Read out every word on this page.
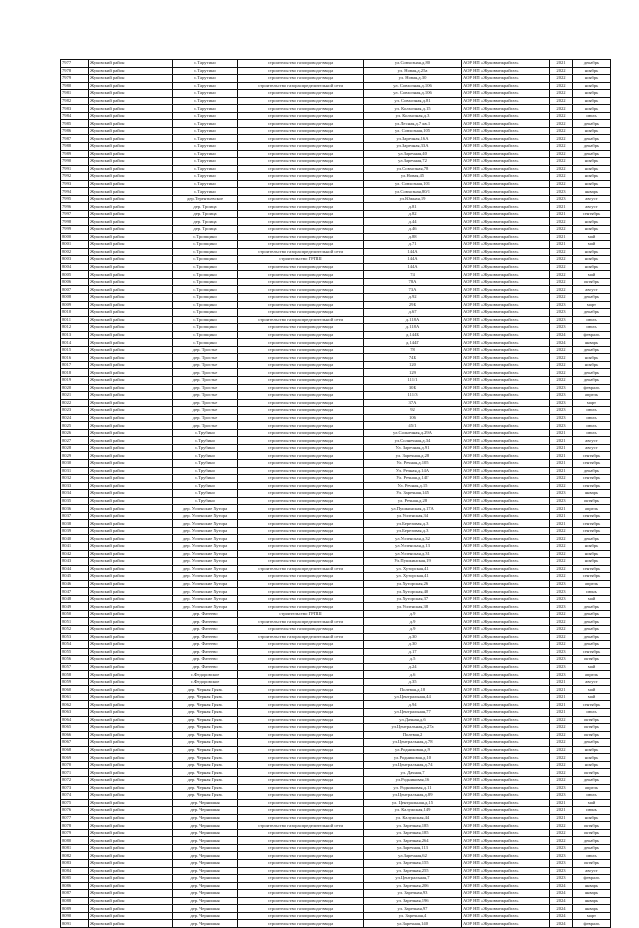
7977	Жуковский район	с.Тарутино	строительство газопровода-ввода	ул.Совхозная,д.80	АОР НП «Жуковмежрайгаз»	2021	декабрь
7978	Жуковский район	с.Тарутино	строительство газопровода-ввода	ул. Новая,д.25а	АОР НП «Жуковмежрайгаз»	2022	ноябрь
7979	Жуковский район	с.Тарутино	строительство газопровода-ввода	ул. Новая,д.30	АОР НП «Жуковмежрайгаз»	2022	ноябрь
7980	Жуковский район	с.Тарутино	строительство газораспределительной сети	ул. Совхозная,д.106	АОР НП «Жуковмежрайгаз»	2022	ноябрь
7981	Жуковский район	с.Тарутино	строительство газопровода-ввода	ул. Совхозная,д.106	АОР НП «Жуковмежрайгаз»	2022	ноябрь
7982	Жуковский район	с.Тарутино	строительство газопровода-ввода	ул. Совхозная,д.81	АОР НП «Жуковмежрайгаз»	2022	ноябрь
7983	Жуковский район	с.Тарутино	строительство газопровода-ввода	ул. Колхозная,д.15	АОР НП «Жуковмежрайгаз»	2022	ноябрь
7984	Жуковский район	с.Тарутино	строительство газопровода-ввода	ул. Колхозная,д.3	АОР НП «Жуковмежрайгаз»	2022	июль
7985	Жуковский район	с.Тарутино	строительство газопровода-ввода	ул.Лесная,д.7 кв.1	АОР НП «Жуковмежрайгаз»	2022	декабрь
7986	Жуковский район	с.Тарутино	строительство газопровода-ввода	ул. Совхозная,105	АОР НП «Жуковмежрайгаз»	2022	ноябрь
7987	Жуковский район	с.Тарутино	строительство газопровода-ввода	ул.Заречная,16А	АОР НП «Жуковмежрайгаз»	2022	декабрь
7988	Жуковский район	с.Тарутино	строительство газопровода-ввода	ул.Заречная,33А	АОР НП «Жуковмежрайгаз»	2022	декабрь
7989	Жуковский район	с.Тарутино	строительство газопровода-ввода	ул.Заречная,40	АОР НП «Жуковмежрайгаз»	2022	декабрь
7990	Жуковский район	с.Тарутино	строительство газопровода-ввода	ул.Заречная,72	АОР НП «Жуковмежрайгаз»	2022	ноябрь
7991	Жуковский район	с.Тарутино	строительство газопровода-ввода	ул.Совхозная,78	АОР НП «Жуковмежрайгаз»	2022	ноябрь
7992	Жуковский район	с.Тарутино	строительство газопровода-ввода	ул.Новая,45	АОР НП «Жуковмежрайгаз»	2022	ноябрь
7993	Жуковский район	с.Тарутино	строительство газопровода-ввода	ул. Совхозная,101	АОР НП «Жуковмежрайгаз»	2022	ноябрь
7994	Жуковский район	с.Тарутино	строительство газопровода-ввода	ул.Совхозная,80/1	АОР НП «Жуковмежрайгаз»	2023	январь
7995	Жуковский район	дер.Терентьевское	строительство газопровода-ввода	ул.Южная,19	АОР НП «Жуковмежрайгаз»	2023	август
7996	Жуковский район	дер. Троица	строительство газопровода-ввода	д.81	АОР НП «Жуковмежрайгаз»	2021	август
7997	Жуковский район	дер. Троица	строительство газопровода-ввода	д.82	АОР НП «Жуковмежрайгаз»	2021	сентябрь
7998	Жуковский район	дер. Троица	строительство газопровода-ввода	д.44	АОР НП «Жуковмежрайгаз»	2022	ноябрь
7999	Жуковский район	дер. Троица	строительство газопровода-ввода	д.46	АОР НП «Жуковмежрайгаз»	2022	ноябрь
8000	Жуковский район	с.Тропщино	строительство газопровода-ввода	д.88	АОР НП «Жуковмежрайгаз»	2021	май
8001	Жуковский район	с.Тропщино	строительство газопровода-ввода	д.71	АОР НП «Жуковмежрайгаз»	2021	май
8002	Жуковский район	с.Тропщино	строительство газораспределительной сети	144А	АОР НП «Жуковмежрайгаз»	2022	ноябрь
8003	Жуковский район	с.Тропщино	строительство ГРПШ	144А	АОР НП «Жуковмежрайгаз»	2022	ноябрь
8004	Жуковский район	с.Тропщино	строительство газопровода-ввода	144А	АОР НП «Жуковмежрайгаз»	2022	ноябрь
8005	Жуковский район	с.Тропщино	строительство газопровода-ввода	74	АОР НП «Жуковмежрайгаз»	2022	май
8006	Жуковский район	с.Тропщино	строительство газопровода-ввода	78А	АОР НП «Жуковмежрайгаз»	2022	октябрь
8007	Жуковский район	с.Тропщино	строительство газопровода-ввода	73А	АОР НП «Жуковмежрайгаз»	2022	август
8008	Жуковский район	с.Тропщино	строительство газопровода-ввода	д.92	АОР НП «Жуковмежрайгаз»	2022	декабрь
8009	Жуковский район	с.Тропщино	строительство газопровода-ввода	29Б	АОР НП «Жуковмежрайгаз»	2023	март
8010	Жуковский район	с.Тропщино	строительство газопровода-ввода	д.67	АОР НП «Жуковмежрайгаз»	2023	декабрь
8011	Жуковский район	с.Тропщино	строительство газораспределительной сети	д.118А	АОР НП «Жуковмежрайгаз»	2023	июль
8012	Жуковский район	с.Тропщино	строительство газопровода-ввода	д.118А	АОР НП «Жуковмежрайгаз»	2023	июль
8013	Жуковский район	с.Тропщино	строительство газопровода-ввода	д.144Б	АОР НП «Жуковмежрайгаз»	2024	февраль
8014	Жуковский район	с.Тропщино	строительство газопровода-ввода	д.144Г	АОР НП «Жуковмежрайгаз»	2024	январь
8015	Жуковский район	дер. Тростье	строительство газопровода-ввода	78	АОР НП «Жуковмежрайгаз»	2022	декабрь
8016	Жуковский район	дер. Тростье	строительство газопровода-ввода	74Б	АОР НП «Жуковмежрайгаз»	2022	ноябрь
8017	Жуковский район	дер. Тростье	строительство газопровода-ввода	120	АОР НП «Жуковмежрайгаз»	2022	ноябрь
8018	Жуковский район	дер. Тростье	строительство газопровода-ввода	129	АОР НП «Жуковмежрайгаз»	2022	декабрь
8019	Жуковский район	дер. Тростье	строительство газопровода-ввода	111/1	АОР НП «Жуковмежрайгаз»	2022	декабрь
8020	Жуковский район	дер. Тростье	строительство газопровода-ввода	30Б	АОР НП «Жуковмежрайгаз»	2023	февраль
8021	Жуковский район	дер. Тростье	строительство газопровода-ввода	111/3	АОР НП «Жуковмежрайгаз»	2023	апрель
8022	Жуковский район	дер. Тростье	строительство газопровода-ввода	37А	АОР НП «Жуковмежрайгаз»	2023	март
8023	Жуковский район	дер. Тростье	строительство газопровода-ввода	92	АОР НП «Жуковмежрайгаз»	2023	июль
8024	Жуковский район	дер. Тростье	строительство газопровода-ввода	106	АОР НП «Жуковмежрайгаз»	2023	июль
8025	Жуковский район	дер. Тростье	строительство газопровода-ввода	45/1	АОР НП «Жуковмежрайгаз»	2023	июль
8026	Жуковский район	с.Трубино	строительство газопровода-ввода	ул.Солнечная,д.29А	АОР НП «Жуковмежрайгаз»	2021	июль
8027	Жуковский район	с.Трубино	строительство газопровода-ввода	ул.Солнечная,д.34	АОР НП «Жуковмежрайгаз»	2021	август
8028	Жуковский район	с.Трубино	строительство газопровода-ввода	Ул. Заречная,д.91	АОР НП «Жуковмежрайгаз»	2021	август
8029	Жуковский район	с.Трубино	строительство газопровода-ввода	ул. Заречная,д.28	АОР НП «Жуковмежрайгаз»	2021	сентябрь
8030	Жуковский район	с.Трубино	строительство газопровода-ввода	Ул. Речная,д.105	АОР НП «Жуковмежрайгаз»	2021	сентябрь
8031	Жуковский район	с.Трубино	строительство газопровода-ввода	Ул. Речная,д.14А	АОР НП «Жуковмежрайгаз»	2021	декабрь
8032	Жуковский район	с.Трубино	строительство газопровода-ввода	Ул. Речная,д.14Г	АОР НП «Жуковмежрайгаз»	2022	сентябрь
8033	Жуковский район	с.Трубино	строительство газопровода-ввода	Ул. Речная,д.15	АОР НП «Жуковмежрайгаз»	2022	сентябрь
8034	Жуковский район	с.Трубино	строительство газопровода-ввода	Ул. Заречная,145	АОР НП «Жуковмежрайгаз»	2023	январь
8035	Жуковский район	с.Трубино	строительство газопровода-ввода	ул. Речная,д.28	АОР НП «Жуковмежрайгаз»	2023	октябрь
8036	Жуковский район	дер. Успенские Хутора	строительство газопровода-ввода	ул.Пушкинская,д.17А	АОР НП «Жуковмежрайгаз»	2021	апрель
8037	Жуковский район	дер. Успенские Хутора	строительство газопровода-ввода	ул.Успенская,34	АОР НП «Жуковмежрайгаз»	2021	сентябрь
8038	Жуковский район	дер. Успенские Хутора	строительство газопровода-ввода	ул.Березовая,д.3	АОР НП «Жуковмежрайгаз»	2021	сентябрь
8039	Жуковский район	дер. Успенские Хутора	строительство газопровода-ввода	ул.Березовая,д.3	АОР НП «Жуковмежрайгаз»	2022	сентябрь
8040	Жуковский район	дер. Успенские Хутора	строительство газопровода-ввода	ул.Успенская,д.32	АОР НП «Жуковмежрайгаз»	2022	декабрь
8041	Жуковский район	дер. Успенские Хутора	строительство газопровода-ввода	ул.Успенская,д.13	АОР НП «Жуковмежрайгаз»	2022	ноябрь
8042	Жуковский район	дер. Успенские Хутора	строительство газопровода-ввода	ул.Успенская,д.31	АОР НП «Жуковмежрайгаз»	2022	ноябрь
8043	Жуковский район	дер. Успенские Хутора	строительство газопровода-ввода	Ул.Пушкинская,19	АОР НП «Жуковмежрайгаз»	2022	ноябрь
8044	Жуковский район	дер. Успенские Хутора	строительство газораспределительной сети	ул. Хуторская,41	АОР НП «Жуковмежрайгаз»	2022	сентябрь
8045	Жуковский район	дер. Успенские Хутора	строительство газопровода-ввода	ул. Хуторская,41	АОР НП «Жуковмежрайгаз»	2022	сентябрь
8046	Жуковский район	дер. Успенские Хутора	строительство газопровода-ввода	ул.Хуторская,26	АОР НП «Жуковмежрайгаз»	2023	апрель
8047	Жуковский район	дер. Успенские Хутора	строительство газопровода-ввода	ул.Хуторская,40	АОР НП «Жуковмежрайгаз»	2023	июнь
8048	Жуковский район	дер. Успенские Хутора	строительство газопровода-ввода	ул.Хуторская,37	АОР НП «Жуковмежрайгаз»	2023	май
8049	Жуковский район	дер. Успенские Хутора	строительство газопровода-ввода	ул.Успенская,38	АОР НП «Жуковмежрайгаз»	2023	декабрь
8050	Жуковский район	дер. Фатеево	строительство ГРПШ	д.9	АОР НП «Жуковмежрайгаз»	2022	декабрь
8051	Жуковский район	дер. Фатеево	строительство газораспределительной сети	д.9	АОР НП «Жуковмежрайгаз»	2022	декабрь
8052	Жуковский район	дер. Фатеево	строительство газопровода-ввода	д.9	АОР НП «Жуковмежрайгаз»	2022	декабрь
8053	Жуковский район	дер. Фатеево	строительство газораспределительной сети	д.30	АОР НП «Жуковмежрайгаз»	2022	декабрь
8054	Жуковский район	дер. Фатеево	строительство газопровода-ввода	д.30	АОР НП «Жуковмежрайгаз»	2022	декабрь
8055	Жуковский район	дер. Фатеево	строительство газопровода-ввода	д.17	АОР НП «Жуковмежрайгаз»	2023	сентябрь
8056	Жуковский район	дер. Фатеево	строительство газопровода-ввода	д.5	АОР НП «Жуковмежрайгаз»	2023	октябрь
8057	Жуковский район	дер. Фатеево	строительство газопровода-ввода	д.24	АОР НП «Жуковмежрайгаз»	2023	май
8058	Жуковский район	с.Федоровское	строительство газопровода-ввода	д.6	АОР НП «Жуковмежрайгаз»	2023	апрель
8059	Жуковский район	с.Федоровское	строительство газопровода-ввода	д.35	АОР НП «Жуковмежрайгаз»	2021	август
8060	Жуковский район	дер. Черная Грязь	строительство газопровода-ввода	Полевая,д.18	АОР НП «Жуковмежрайгаз»	2021	май
8061	Жуковский район	дер. Черная Грязь	строительство газопровода-ввода	ул.Центральная,44	АОР НП «Жуковмежрайгаз»	2021	май
8062	Жуковский район	дер. Черная Грязь	строительство газопровода-ввода	д.94	АОР НП «Жуковмежрайгаз»	2021	сентябрь
8063	Жуковский район	дер. Черная Грязь	строительство газопровода-ввода	ул.Центральная,77	АОР НП «Жуковмежрайгаз»	2021	июль
8064	Жуковский район	дер. Черная Грязь	строительство газопровода-ввода	ул.Дачная,д.6	АОР НП «Жуковмежрайгаз»	2022	октябрь
8065	Жуковский район	дер. Черная Грязь	строительство газопровода-ввода	ул.Центральная,д.27а	АОР НП «Жуковмежрайгаз»	2022	октябрь
8066	Жуковский район	дер. Черная Грязь	строительство газопровода-ввода	Полевая,2	АОР НП «Жуковмежрайгаз»	2022	октябрь
8067	Жуковский район	дер. Черная Грязь	строительство газопровода-ввода	ул.Центральная,д.78	АОР НП «Жуковмежрайгаз»	2022	декабрь
8068	Жуковский район	дер. Черная Грязь	строительство газопровода-ввода	ул.Родниковая,д.9	АОР НП «Жуковмежрайгаз»	2022	ноябрь
8069	Жуковский район	дер. Черная Грязь	строительство газопровода-ввода	ул.Родниковая,д.10	АОР НП «Жуковмежрайгаз»	2022	ноябрь
8070	Жуковский район	дер. Черная Грязь	строительство газопровода-ввода	ул.Центральная,д.74	АОР НП «Жуковмежрайгаз»	2022	ноябрь
8071	Жуковский район	дер. Черная Грязь	строительство газопровода-ввода	ул. Дачная,7	АОР НП «Жуковмежрайгаз»	2022	октябрь
8072	Жуковский район	дер. Черная Грязь	строительство газопровода-ввода	ул.Родниковая,16	АОР НП «Жуковмежрайгаз»	2022	декабрь
8073	Жуковский район	дер. Черная Грязь	строительство газопровода-ввода	ул. Родниковая,д.11	АОР НП «Жуковмежрайгаз»	2023	апрель
8074	Жуковский район	дер. Черная Грязь	строительство газопровода-ввода	ул.Центральная,д.89	АОР НП «Жуковмежрайгаз»	2023	июль
8075	Жуковский район	дер. Чернишня	строительство газопровода-ввода	ул. Центральная,д.15	АОР НП «Жуковмежрайгаз»	2021	май
8076	Жуковский район	дер. Чернишня	строительство газопровода-ввода	ул. Калужская,149	АОР НП «Жуковмежрайгаз»	2021	июнь
8077	Жуковский район	дер. Чернишня	строительство газопровода-ввода	ул. Калужская,44	АОР НП «Жуковмежрайгаз»	2021	ноябрь
8078	Жуковский район	дер. Чернишня	строительство газораспределительной сети	ул. Заречная,185	АОР НП «Жуковмежрайгаз»	2022	октябрь
8079	Жуковский район	дер. Чернишня	строительство газопровода-ввода	ул. Заречная,185	АОР НП «Жуковмежрайгаз»	2022	октябрь
8080	Жуковский район	дер. Чернишня	строительство газопровода-ввода	ул. Заречная,264	АОР НП «Жуковмежрайгаз»	2022	декабрь
8081	Жуковский район	дер. Чернишня	строительство газопровода-ввода	ул.Заречная,113	АОР НП «Жуковмежрайгаз»	2023	декабрь
8082	Жуковский район	дер. Чернишня	строительство газопровода-ввода	ул.Заречная,62	АОР НП «Жуковмежрайгаз»	2023	июль
8083	Жуковский район	дер. Чернишня	строительство газопровода-ввода	ул. Заречная,155	АОР НП «Жуковмежрайгаз»	2023	октябрь
8084	Жуковский район	дер. Чернишня	строительство газопровода-ввода	ул. Заречная,255	АОР НП «Жуковмежрайгаз»	2023	август
8085	Жуковский район	дер. Чернишня	строительство газопровода-ввода	ул.Центральная,7	АОР НП «Жуковмежрайгаз»	2023	февраль
8086	Жуковский район	дер. Чернишня	строительство газопровода-ввода	ул. Заречная,206	АОР НП «Жуковмежрайгаз»	2024	январь
8087	Жуковский район	дер. Чернишня	строительство газопровода-ввода	ул. Заречная,93	АОР НП «Жуковмежрайгаз»	2024	январь
8088	Жуковский район	дер. Чернишня	строительство газопровода-ввода	ул. Заречная,196	АОР НП «Жуковмежрайгаз»	2024	январь
8089	Жуковский район	дер. Чернишня	строительство газопровода-ввода	ул. Заречная,97	АОР НП «Жуковмежрайгаз»	2024	январь
8090	Жуковский район	дер. Чернишня	строительство газопровода-ввода	ул. Заречная,4	АОР НП «Жуковмежрайгаз»	2024	март
8091	Жуковский район	дер. Чернишня	строительство газопровода-ввода	ул.Заречная,140	АОР НП «Жуковмежрайгаз»	2024	февраль
